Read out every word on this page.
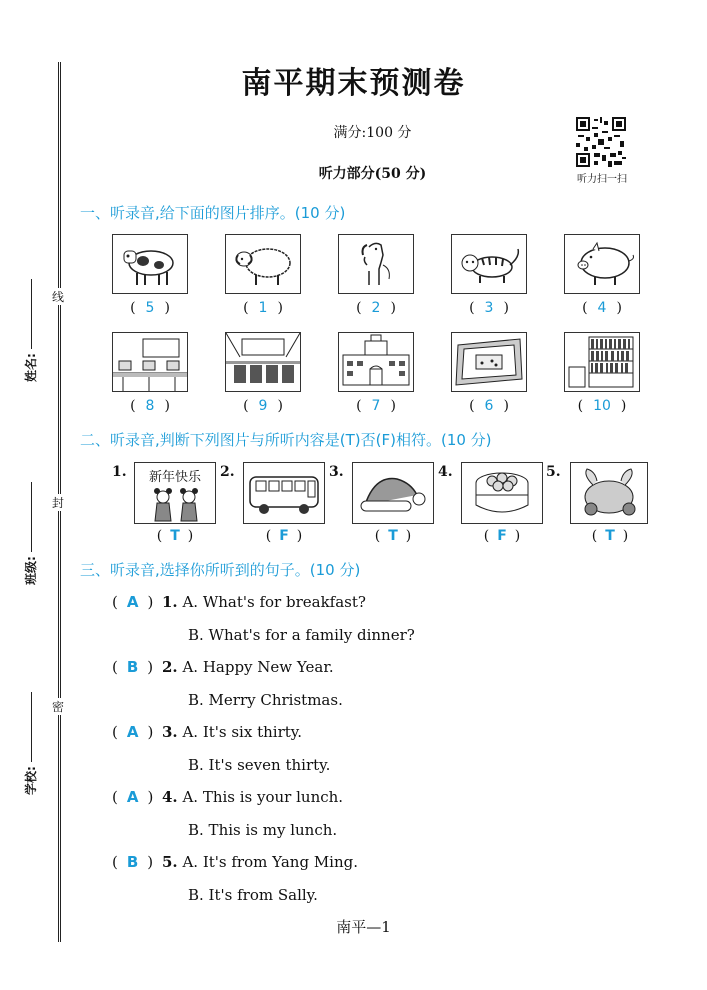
线
封
密
姓名:
班级:
学校:
南平期末预测卷
满分:100 分
听力部分(50 分)	听力扫一扫
一、听录音,给下面的图片排序。(10 分)
( 5 )	( 1 )	( 2 )	( 3 )	( 4 )
( 8 )	( 9 )	( 7 )	( 6 )	( 10 )
二、听录音,判断下列图片与所听内容是(T)否(F)相符。(10 分)
1.	新年快乐	2.	3.	4.	5.
( T )	( F )	( T )	( F )	( T )
三、听录音,选择你所听到的句子。(10 分)
( A ) 1. A. What's for breakfast?
B. What's for a family dinner?
( B ) 2. A. Happy New Year.
B. Merry Christmas.
( A ) 3. A. It's six thirty.
B. It's seven thirty.
( A ) 4. A. This is your lunch.
B. This is my lunch.
( B ) 5. A. It's from Yang Ming.
B. It's from Sally.
南平—1
